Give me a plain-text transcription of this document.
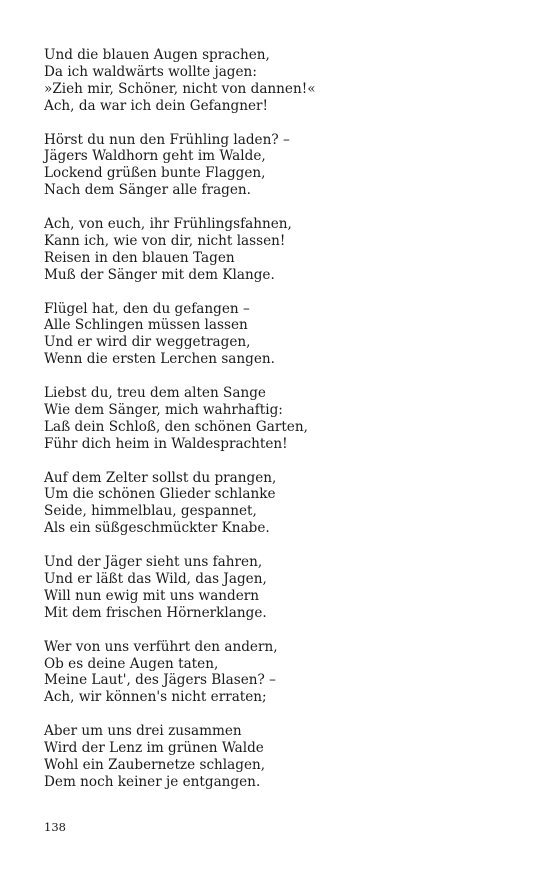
Und die blauen Augen sprachen,
Da ich waldwärts wollte jagen:
»Zieh mir, Schöner, nicht von dannen!«
Ach, da war ich dein Gefangner!
Hörst du nun den Frühling laden? –
Jägers Waldhorn geht im Walde,
Lockend grüßen bunte Flaggen,
Nach dem Sänger alle fragen.
Ach, von euch, ihr Frühlingsfahnen,
Kann ich, wie von dir, nicht lassen!
Reisen in den blauen Tagen
Muß der Sänger mit dem Klange.
Flügel hat, den du gefangen –
Alle Schlingen müssen lassen
Und er wird dir weggetragen,
Wenn die ersten Lerchen sangen.
Liebst du, treu dem alten Sange
Wie dem Sänger, mich wahrhaftig:
Laß dein Schloß, den schönen Garten,
Führ dich heim in Waldesprachten!
Auf dem Zelter sollst du prangen,
Um die schönen Glieder schlanke
Seide, himmelblau, gespannet,
Als ein süßgeschmückter Knabe.
Und der Jäger sieht uns fahren,
Und er läßt das Wild, das Jagen,
Will nun ewig mit uns wandern
Mit dem frischen Hörnerklange.
Wer von uns verführt den andern,
Ob es deine Augen taten,
Meine Laut', des Jägers Blasen? –
Ach, wir können's nicht erraten;
Aber um uns drei zusammen
Wird der Lenz im grünen Walde
Wohl ein Zaubernetze schlagen,
Dem noch keiner je entgangen.
138
